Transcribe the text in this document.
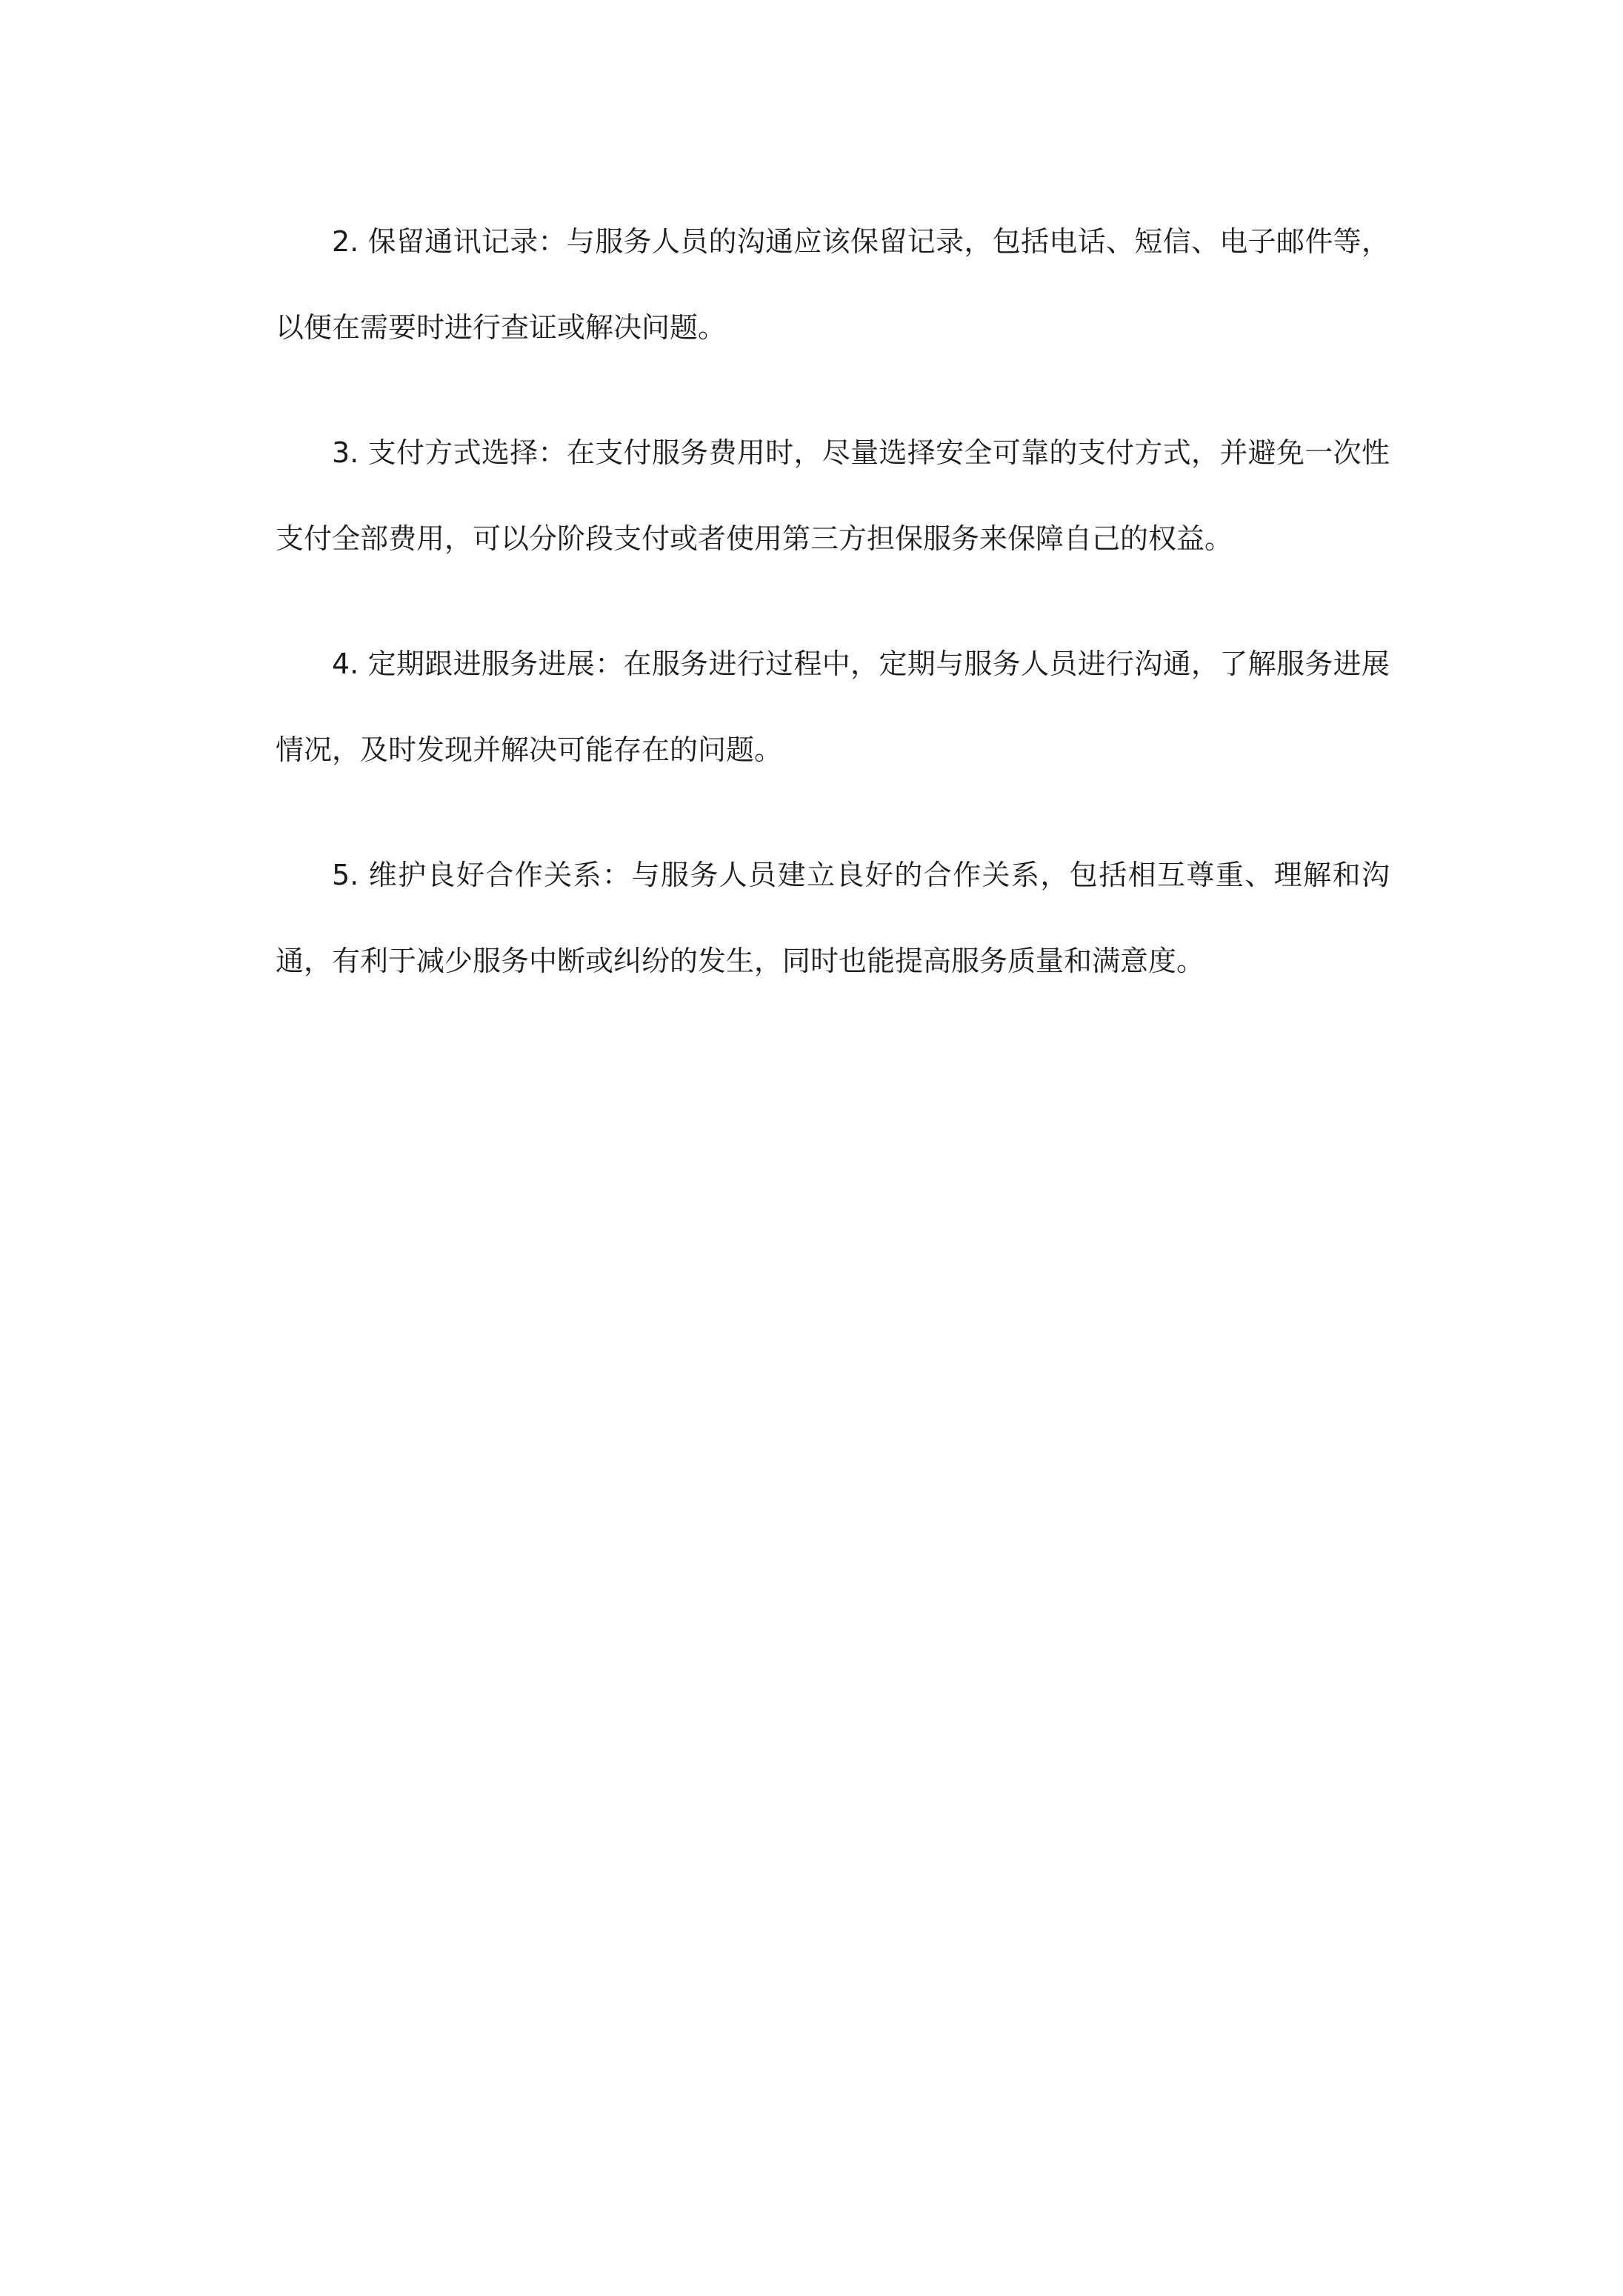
2. 保留通讯记录：与服务人员的沟通应该保留记录，包括电话、短信、电子邮件等，以便在需要时进行查证或解决问题。

3. 支付方式选择：在支付服务费用时，尽量选择安全可靠的支付方式，并避免一次性支付全部费用，可以分阶段支付或者使用第三方担保服务来保障自己的权益。

4. 定期跟进服务进展：在服务进行过程中，定期与服务人员进行沟通，了解服务进展情况，及时发现并解决可能存在的问题。

5. 维护良好合作关系：与服务人员建立良好的合作关系，包括相互尊重、理解和沟通，有利于减少服务中断或纠纷的发生，同时也能提高服务质量和满意度。
